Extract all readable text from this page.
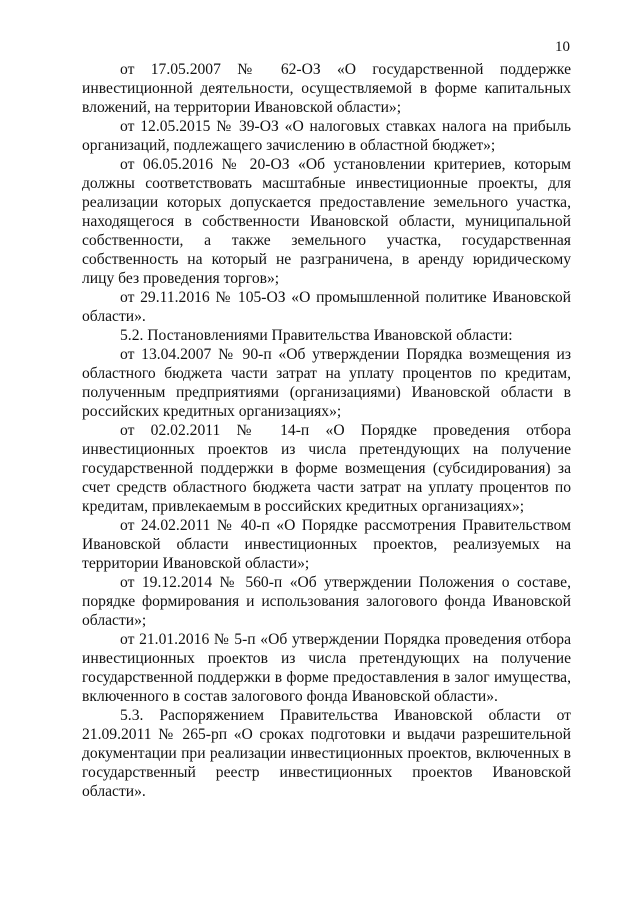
10

от 17.05.2007 № 62-ОЗ «О государственной поддержке инвестиционной деятельности, осуществляемой в форме капитальных вложений, на территории Ивановской области»;

от 12.05.2015 № 39-ОЗ «О налоговых ставках налога на прибыль организаций, подлежащего зачислению в областной бюджет»;

от 06.05.2016 № 20-ОЗ «Об установлении критериев, которым должны соответствовать масштабные инвестиционные проекты, для реализации которых допускается предоставление земельного участка, находящегося в собственности Ивановской области, муниципальной собственности, а также земельного участка, государственная собственность на который не разграничена, в аренду юридическому лицу без проведения торгов»;

от 29.11.2016 № 105-ОЗ «О промышленной политике Ивановской области».

5.2. Постановлениями Правительства Ивановской области:

от 13.04.2007 № 90-п «Об утверждении Порядка возмещения из областного бюджета части затрат на уплату процентов по кредитам, полученным предприятиями (организациями) Ивановской области в российских кредитных организациях»;

от 02.02.2011 № 14-п «О Порядке проведения отбора инвестиционных проектов из числа претендующих на получение государственной поддержки в форме возмещения (субсидирования) за счет средств областного бюджета части затрат на уплату процентов по кредитам, привлекаемым в российских кредитных организациях»;

от 24.02.2011 № 40-п «О Порядке рассмотрения Правительством Ивановской области инвестиционных проектов, реализуемых на территории Ивановской области»;

от 19.12.2014 № 560-п «Об утверждении Положения о составе, порядке формирования и использования залогового фонда Ивановской области»;

от 21.01.2016 № 5-п «Об утверждении Порядка проведения отбора инвестиционных проектов из числа претендующих на получение государственной поддержки в форме предоставления в залог имущества, включенного в состав залогового фонда Ивановской области».

5.3. Распоряжением Правительства Ивановской области от 21.09.2011 № 265-рп «О сроках подготовки и выдачи разрешительной документации при реализации инвестиционных проектов, включенных в государственный реестр инвестиционных проектов Ивановской области».
